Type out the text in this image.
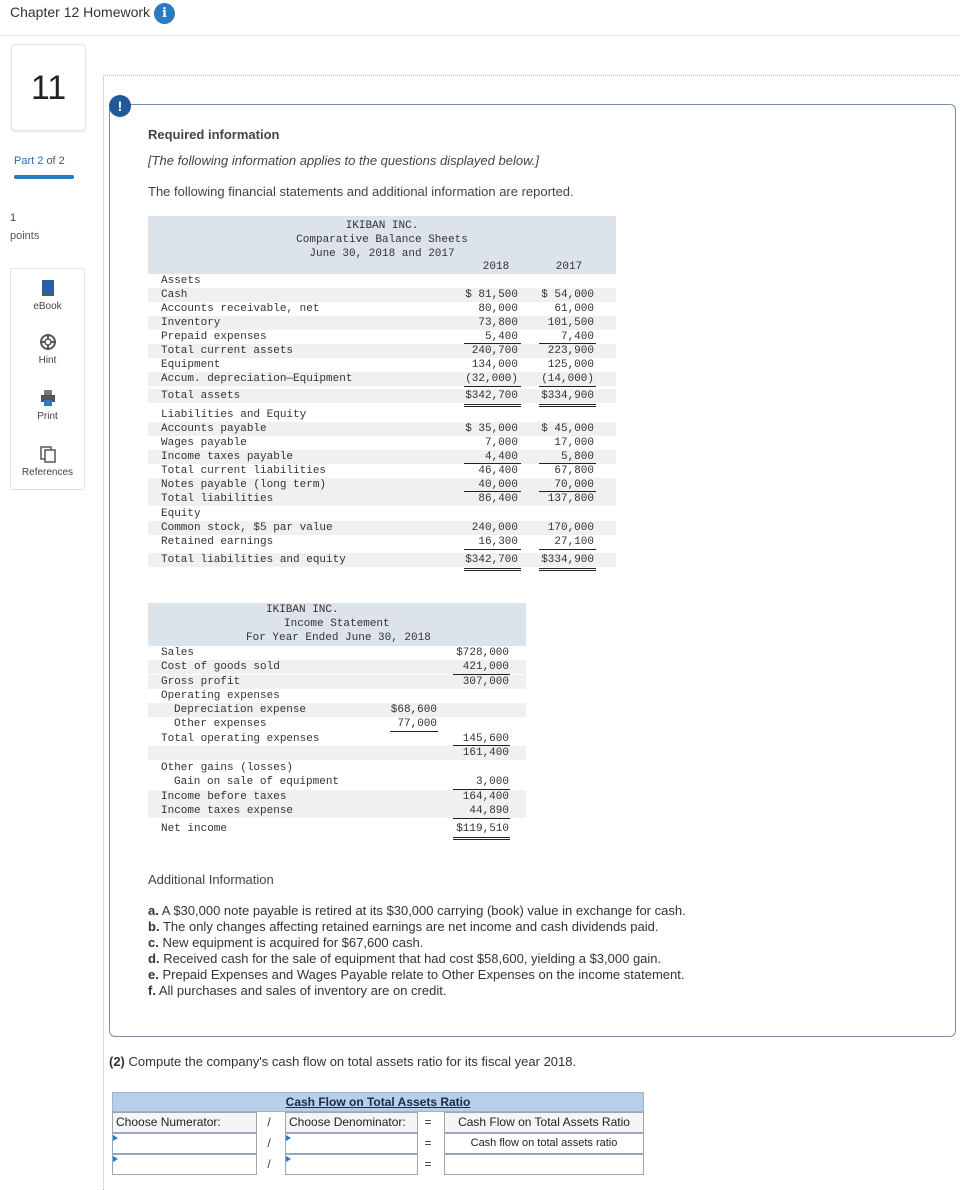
Chapter 12 Homework i
11
Part 2 of 2
1
points
eBook
Hint
Print
References
!
Required information
[The following information applies to the questions displayed below.]
The following financial statements and additional information are reported.
IKIBAN INC.
Comparative Balance Sheets
June 30, 2018 and 2017
2018	2017
Assets
Cash	$ 81,500	$ 54,000
Accounts receivable, net	80,000	61,000
Inventory	73,800	101,500
Prepaid expenses	5,400	7,400
Total current assets	240,700	223,900
Equipment	134,000	125,000
Accum. depreciation—Equipment	(32,000)	(14,000)
Total assets	$342,700	$334,900
Liabilities and Equity
Accounts payable	$ 35,000	$ 45,000
Wages payable	7,000	17,000
Income taxes payable	4,400	5,800
Total current liabilities	46,400	67,800
Notes payable (long term)	40,000	70,000
Total liabilities	86,400	137,800
Equity
Common stock, $5 par value	240,000	170,000
Retained earnings	16,300	27,100
Total liabilities and equity	$342,700	$334,900
IKIBAN INC.
Income Statement
For Year Ended June 30, 2018
Sales	$728,000
Cost of goods sold	421,000
Gross profit	307,000
Operating expenses
Depreciation expense	$68,600
Other expenses	77,000
Total operating expenses	145,600
161,400
Other gains (losses)
Gain on sale of equipment	3,000
Income before taxes	164,400
Income taxes expense	44,890
Net income	$119,510
Additional Information
a. A $30,000 note payable is retired at its $30,000 carrying (book) value in exchange for cash.
b. The only changes affecting retained earnings are net income and cash dividends paid.
c. New equipment is acquired for $67,600 cash.
d. Received cash for the sale of equipment that had cost $58,600, yielding a $3,000 gain.
e. Prepaid Expenses and Wages Payable relate to Other Expenses on the income statement.
f. All purchases and sales of inventory are on credit.
(2) Compute the company's cash flow on total assets ratio for its fiscal year 2018.
Cash Flow on Total Assets Ratio
Choose Numerator:	/	Choose Denominator:	=	Cash Flow on Total Assets Ratio
/	=	Cash flow on total assets ratio
/	=
